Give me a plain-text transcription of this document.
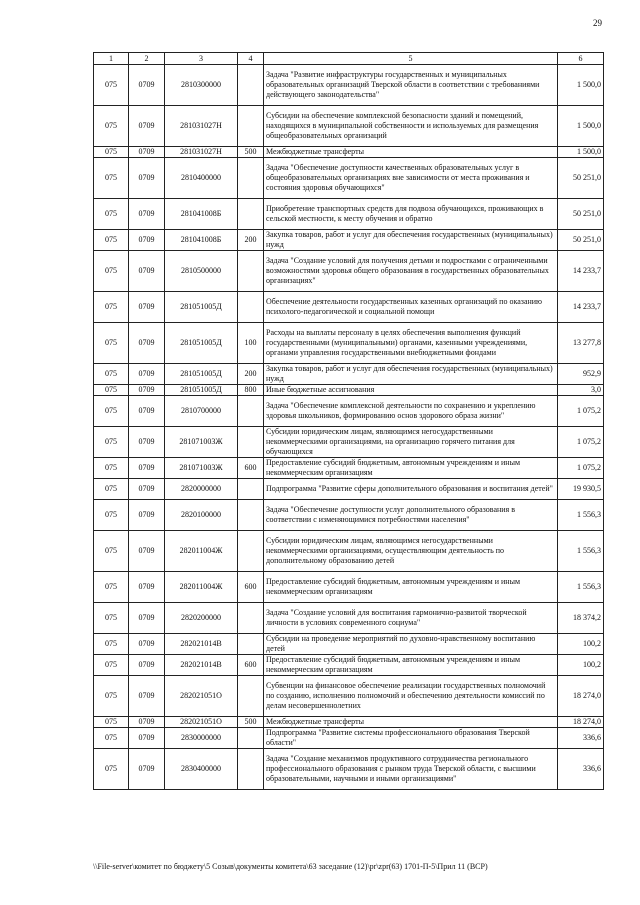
29
1	2	3	4	5	6
075	0709	2810300000		Задача "Развитие инфраструктуры государственных и муниципальных образовательных организаций Тверской области в соответствии с требованиями действующего законодательства"	1 500,0
075	0709	281031027Н		Субсидии на обеспечение комплексной безопасности зданий и помещений, находящихся в муниципальной собственности и используемых для размещения общеобразовательных организаций	1 500,0
075	0709	281031027Н	500	Межбюджетные трансферты	1 500,0
075	0709	2810400000		Задача "Обеспечение доступности качественных образовательных услуг в общеобразовательных организациях вне зависимости от места проживания и состояния здоровья обучающихся"	50 251,0
075	0709	281041008Б		Приобретение транспортных средств для подвоза обучающихся, проживающих в сельской местности, к месту обучения и обратно	50 251,0
075	0709	281041008Б	200	Закупка товаров, работ и услуг для обеспечения государственных (муниципальных) нужд	50 251,0
075	0709	2810500000		Задача "Создание условий для получения детьми и подростками с ограниченными возможностями здоровья общего образования в государственных образовательных организациях"	14 233,7
075	0709	281051005Д		Обеспечение деятельности государственных казенных организаций по оказанию психолого-педагогической и социальной помощи	14 233,7
075	0709	281051005Д	100	Расходы на выплаты персоналу в целях обеспечения выполнения функций государственными (муниципальными) органами, казенными учреждениями, органами управления государственными внебюджетными фондами	13 277,8
075	0709	281051005Д	200	Закупка товаров, работ и услуг для обеспечения государственных (муниципальных) нужд	952,9
075	0709	281051005Д	800	Иные бюджетные ассигнования	3,0
075	0709	2810700000		Задача "Обеспечение комплексной деятельности по сохранению и укреплению здоровья школьников, формированию основ здорового образа жизни"	1 075,2
075	0709	281071003Ж		Субсидии юридическим лицам, являющимся негосударственными некоммерческими организациями, на организацию горячего питания для обучающихся	1 075,2
075	0709	281071003Ж	600	Предоставление субсидий бюджетным, автономным учреждениям и иным некоммерческим организациям	1 075,2
075	0709	2820000000		Подпрограмма "Развитие сферы дополнительного образования и воспитания детей"	19 930,5
075	0709	2820100000		Задача "Обеспечение доступности услуг дополнительного образования в соответствии с изменяющимися потребностями населения"	1 556,3
075	0709	282011004Ж		Субсидии юридическим лицам, являющимся негосударственными некоммерческими организациями, осуществляющим деятельность по дополнительному образованию детей	1 556,3
075	0709	282011004Ж	600	Предоставление субсидий бюджетным, автономным учреждениям и иным некоммерческим организациям	1 556,3
075	0709	2820200000		Задача "Создание условий для воспитания гармонично-развитой творческой личности в условиях современного социума"	18 374,2
075	0709	282021014В		Субсидии на проведение мероприятий по духовно-нравственному воспитанию детей	100,2
075	0709	282021014В	600	Предоставление субсидий бюджетным, автономным учреждениям и иным некоммерческим организациям	100,2
075	0709	282021051О		Субвенции на финансовое обеспечение реализации государственных полномочий по созданию, исполнению полномочий и обеспечению деятельности комиссий по делам несовершеннолетних	18 274,0
075	0709	282021051О	500	Межбюджетные трансферты	18 274,0
075	0709	2830000000		Подпрограмма "Развитие системы профессионального образования Тверской области"	336,6
075	0709	2830400000		Задача "Создание механизмов продуктивного сотрудничества регионального профессионального образования с рынком труда Тверской области, с высшими образовательными, научными и иными организациями"	336,6
\\File-server\комитет по бюджету\5 Созыв\документы комитета\63 заседание (12)\pr\zpr(63) 1701-П-5\Прил 11 (ВСР)
